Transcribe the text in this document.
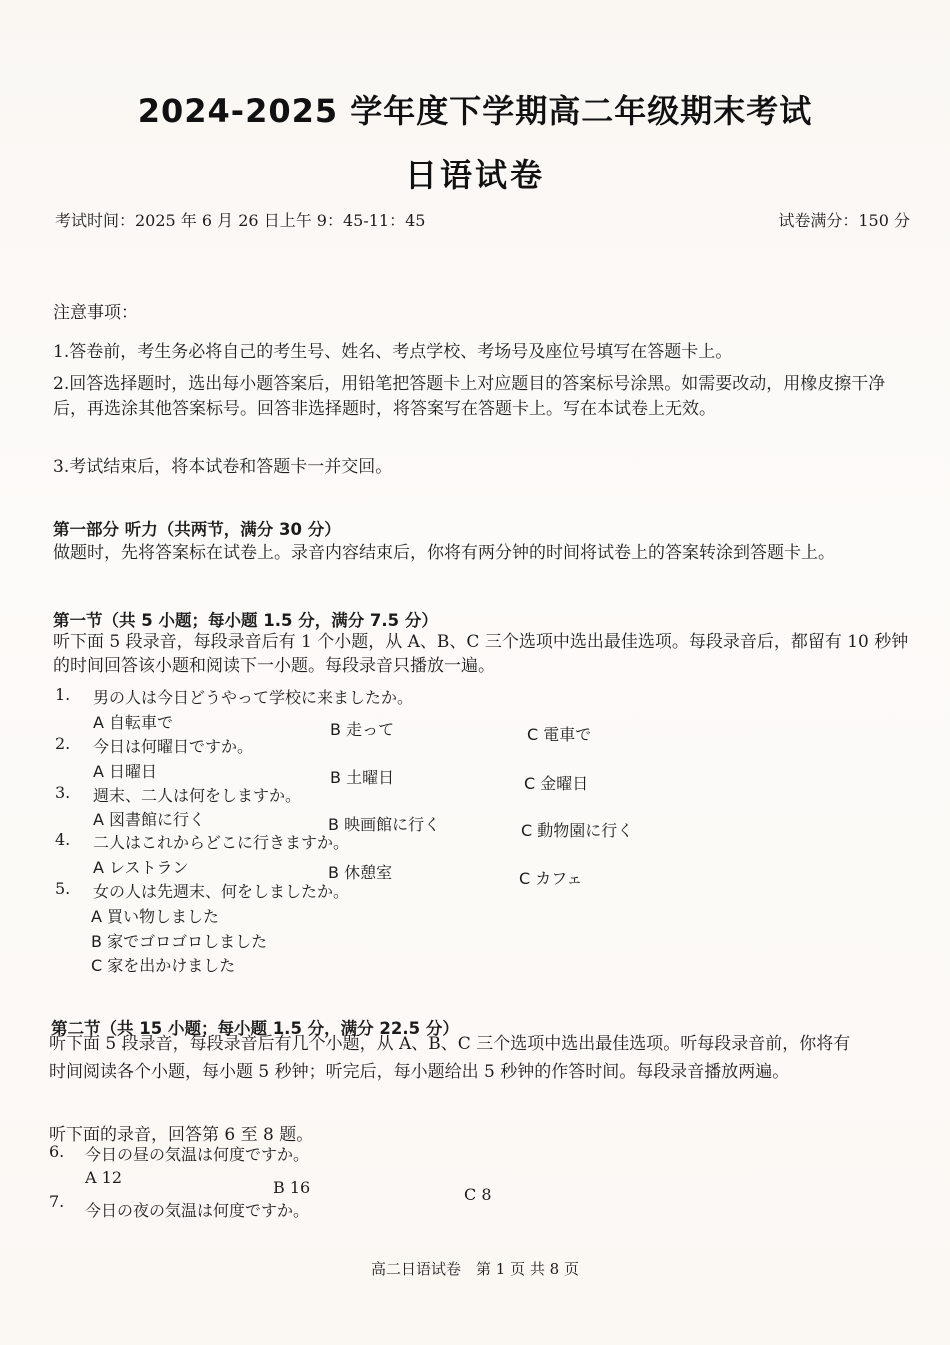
2024-2025 学年度下学期高二年级期末考试
日语试卷
考试时间：2025 年 6 月 26 日上午 9：45-11：45	试卷满分：150 分
注意事项：
1.答卷前，考生务必将自己的考生号、姓名、考点学校、考场号及座位号填写在答题卡上。
2.回答选择题时，选出每小题答案后，用铅笔把答题卡上对应题目的答案标号涂黑。如需要改动，用橡皮擦干净后，再选涂其他答案标号。回答非选择题时，将答案写在答题卡上。写在本试卷上无效。
3.考试结束后，将本试卷和答题卡一并交回。
第一部分 听力（共两节，满分 30 分）
做题时，先将答案标在试卷上。录音内容结束后，你将有两分钟的时间将试卷上的答案转涂到答题卡上。
第一节（共 5 小题；每小题 1.5 分，满分 7.5 分）
听下面 5 段录音，每段录音后有 1 个小题，从 A、B、C 三个选项中选出最佳选项。每段录音后，都留有 10 秒钟的时间回答该小题和阅读下一小题。每段录音只播放一遍。
1. 男の人は今日どうやって学校に来ましたか。
A 自転車で	B 走って	C 電車で
2. 今日は何曜日ですか。
A 日曜日	B 土曜日	C 金曜日
3. 週末、二人は何をしますか。
A 図書館に行く	B 映画館に行く	C 動物園に行く
4. 二人はこれからどこに行きますか。
A レストラン	B 休憩室	C カフェ
5. 女の人は先週末、何をしましたか。
A 買い物しました
B 家でゴロゴロしました
C 家を出かけました
第二节（共 15 小题；每小题 1.5 分，满分 22.5 分）
听下面 5 段录音，每段录音后有几个小题，从 A、B、C 三个选项中选出最佳选项。听每段录音前，你将有时间阅读各个小题，每小题 5 秒钟；听完后，每小题给出 5 秒钟的作答时间。每段录音播放两遍。
听下面的录音，回答第 6 至 8 题。
6. 今日の昼の気温は何度ですか。
A 12
B 16	C 8
7. 今日の夜の気温は何度ですか。
高二日语试卷　第 1 页 共 8 页
